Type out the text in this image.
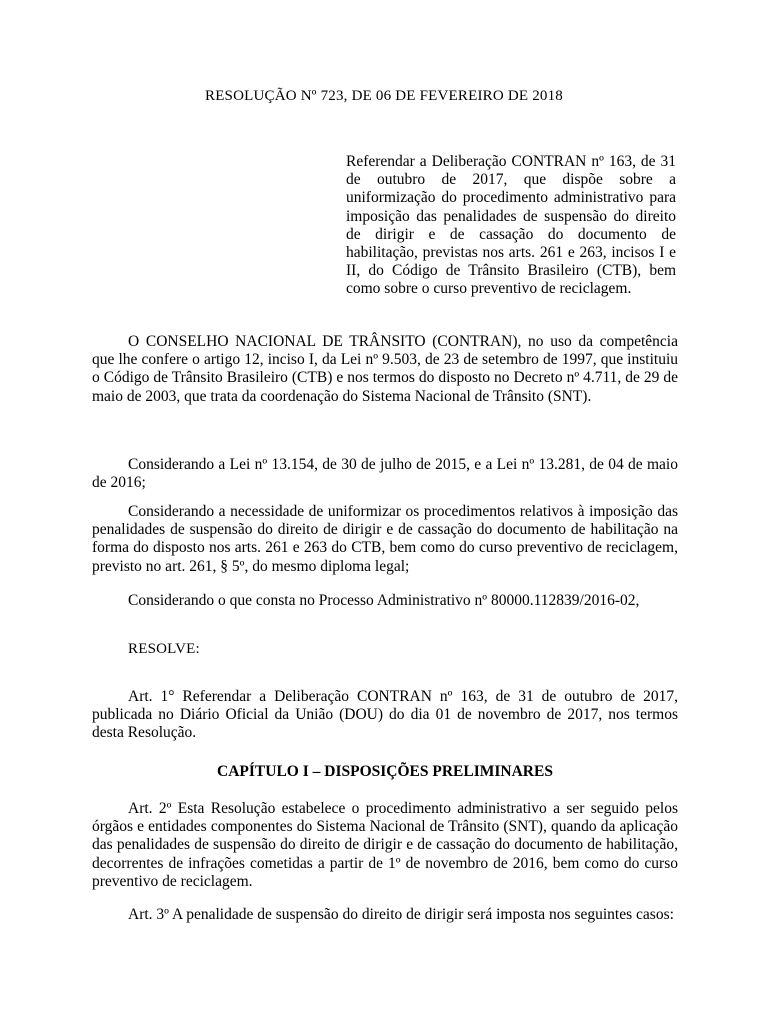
RESOLUÇÃO Nº 723, DE 06 DE FEVEREIRO DE 2018
Referendar a Deliberação CONTRAN nº 163, de 31 de outubro de 2017, que dispõe sobre a uniformização do procedimento administrativo para imposição das penalidades de suspensão do direito de dirigir e de cassação do documento de habilitação, previstas nos arts. 261 e 263, incisos I e II, do Código de Trânsito Brasileiro (CTB), bem como sobre o curso preventivo de reciclagem.

O CONSELHO NACIONAL DE TRÂNSITO (CONTRAN), no uso da competência que lhe confere o artigo 12, inciso I, da Lei nº 9.503, de 23 de setembro de 1997, que instituiu o Código de Trânsito Brasileiro (CTB) e nos termos do disposto no Decreto nº 4.711, de 29 de maio de 2003, que trata da coordenação do Sistema Nacional de Trânsito (SNT).

Considerando a Lei nº 13.154, de 30 de julho de 2015, e a Lei nº 13.281, de 04 de maio de 2016;

Considerando a necessidade de uniformizar os procedimentos relativos à imposição das penalidades de suspensão do direito de dirigir e de cassação do documento de habilitação na forma do disposto nos arts. 261 e 263 do CTB, bem como do curso preventivo de reciclagem, previsto no art. 261, § 5º, do mesmo diploma legal;

Considerando o que consta no Processo Administrativo nº 80000.112839/2016-02,

RESOLVE:

Art. 1° Referendar a Deliberação CONTRAN nº 163, de 31 de outubro de 2017, publicada no Diário Oficial da União (DOU) do dia 01 de novembro de 2017, nos termos desta Resolução.

CAPÍTULO I – DISPOSIÇÕES PRELIMINARES

Art. 2º Esta Resolução estabelece o procedimento administrativo a ser seguido pelos órgãos e entidades componentes do Sistema Nacional de Trânsito (SNT), quando da aplicação das penalidades de suspensão do direito de dirigir e de cassação do documento de habilitação, decorrentes de infrações cometidas a partir de 1º de novembro de 2016, bem como do curso preventivo de reciclagem.

Art. 3º A penalidade de suspensão do direito de dirigir será imposta nos seguintes casos:
